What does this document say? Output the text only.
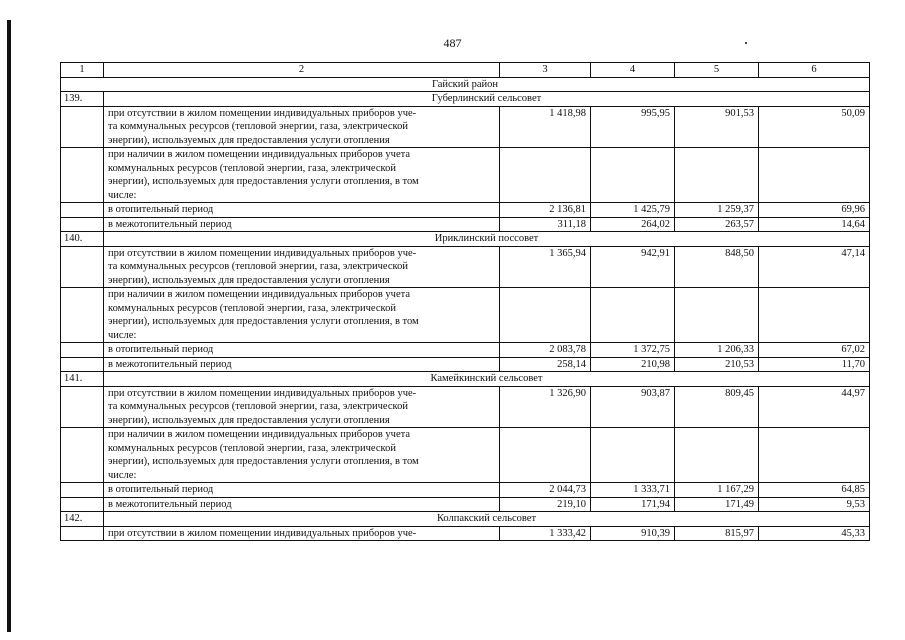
487
1	2	3	4	5	6
Гайский район					
139.	Губерлинский сельсовет				
	при отсутствии в жилом помещении индивидуальных приборов уче-
та коммунальных ресурсов (тепловой энергии, газа, электрической
энергии), используемых для предоставления услуги отопления	1 418,98	995,95	901,53	50,09
	при наличии в жилом помещении индивидуальных приборов учета
коммунальных ресурсов (тепловой энергии, газа, электрической
энергии), используемых для предоставления услуги отопления, в том
числе:				
	в отопительный период	2 136,81	1 425,79	1 259,37	69,96
	в межотопительный период	311,18	264,02	263,57	14,64
140.	Ириклинский поссовет				
	при отсутствии в жилом помещении индивидуальных приборов уче-
та коммунальных ресурсов (тепловой энергии, газа, электрической
энергии), используемых для предоставления услуги отопления	1 365,94	942,91	848,50	47,14
	при наличии в жилом помещении индивидуальных приборов учета
коммунальных ресурсов (тепловой энергии, газа, электрической
энергии), используемых для предоставления услуги отопления, в том
числе:				
	в отопительный период	2 083,78	1 372,75	1 206,33	67,02
	в межотопительный период	258,14	210,98	210,53	11,70
141.	Камейкинский сельсовет				
	при отсутствии в жилом помещении индивидуальных приборов уче-
та коммунальных ресурсов (тепловой энергии, газа, электрической
энергии), используемых для предоставления услуги отопления	1 326,90	903,87	809,45	44,97
	при наличии в жилом помещении индивидуальных приборов учета
коммунальных ресурсов (тепловой энергии, газа, электрической
энергии), используемых для предоставления услуги отопления, в том
числе:				
	в отопительный период	2 044,73	1 333,71	1 167,29	64,85
	в межотопительный период	219,10	171,94	171,49	9,53
142.	Колпакский сельсовет				
	при отсутствии в жилом помещении индивидуальных приборов уче-	1 333,42	910,39	815,97	45,33
